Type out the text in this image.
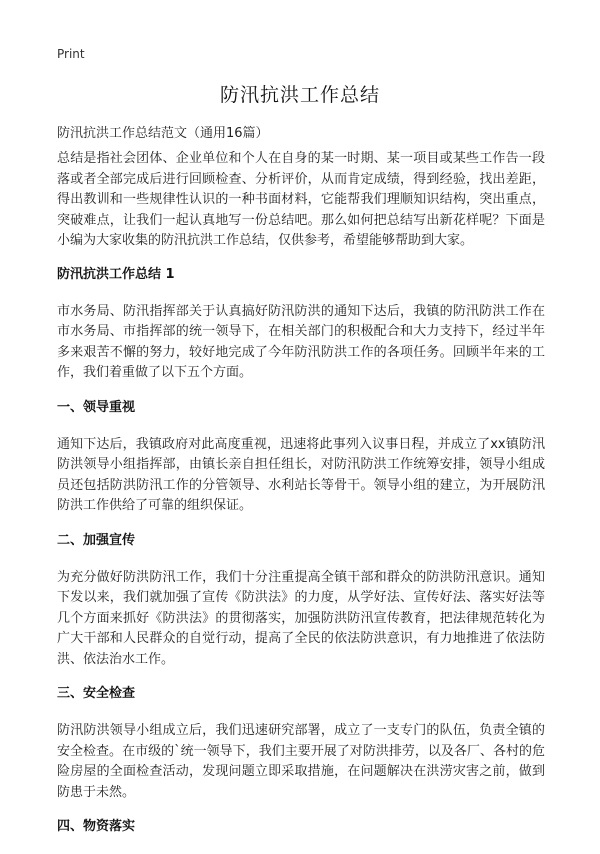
Print
防汛抗洪工作总结
防汛抗洪工作总结范文（通用16篇）

总结是指社会团体、企业单位和个人在自身的某一时期、某一项目或某些工作告一段落或者全部完成后进行回顾检查、分析评价，从而肯定成绩，得到经验，找出差距，得出教训和一些规律性认识的一种书面材料，它能帮我们理顺知识结构，突出重点，突破难点，让我们一起认真地写一份总结吧。那么如何把总结写出新花样呢？下面是小编为大家收集的防汛抗洪工作总结，仅供参考，希望能够帮助到大家。

防汛抗洪工作总结 1

市水务局、防汛指挥部关于认真搞好防汛防洪的通知下达后，我镇的防汛防洪工作在市水务局、市指挥部的统一领导下，在相关部门的积极配合和大力支持下，经过半年多来艰苦不懈的努力，较好地完成了今年防汛防洪工作的各项任务。回顾半年来的工作，我们着重做了以下五个方面。

一、领导重视

通知下达后，我镇政府对此高度重视，迅速将此事列入议事日程，并成立了xx镇防汛防洪领导小组指挥部，由镇长亲自担任组长，对防汛防洪工作统筹安排，领导小组成员还包括防洪防汛工作的分管领导、水利站长等骨干。领导小组的建立，为开展防汛防洪工作供给了可靠的组织保证。

二、加强宣传

为充分做好防洪防汛工作，我们十分注重提高全镇干部和群众的防洪防汛意识。通知下发以来，我们就加强了宣传《防洪法》的力度，从学好法、宣传好法、落实好法等几个方面来抓好《防洪法》的贯彻落实，加强防洪防汛宣传教育，把法律规范转化为广大干部和人民群众的自觉行动，提高了全民的依法防洪意识，有力地推进了依法防洪、依法治水工作。

三、安全检查

防汛防洪领导小组成立后，我们迅速研究部署，成立了一支专门的队伍，负责全镇的安全检查。在市级的`统一领导下，我们主要开展了对防洪排劳，以及各厂、各村的危险房屋的全面检查活动，发现问题立即采取措施，在问题解决在洪涝灾害之前，做到防患于未然。

四、物资落实
